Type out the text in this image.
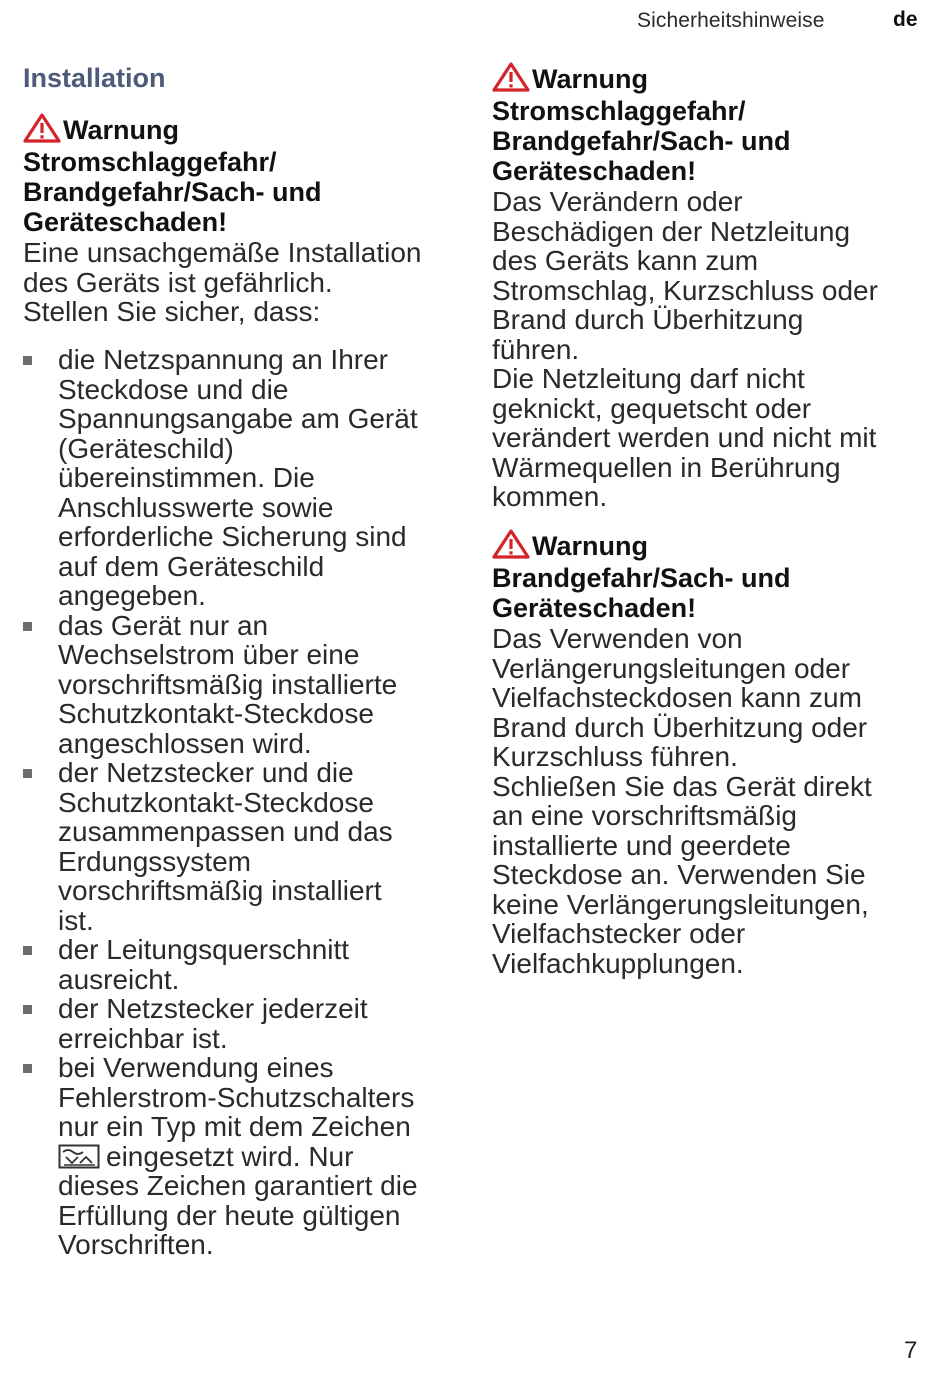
Sicherheitshinweise	de
Installation
Warnung
Stromschlaggefahr/
Brandgefahr/Sach- und
Geräteschaden!
Eine unsachgemäße Installation
des Geräts ist gefährlich.
Stellen Sie sicher, dass:
die Netzspannung an Ihrer
Steckdose und die
Spannungsangabe am Gerät
(Geräteschild)
übereinstimmen. Die
Anschlusswerte sowie
erforderliche Sicherung sind
auf dem Geräteschild
angegeben.
das Gerät nur an
Wechselstrom über eine
vorschriftsmäßig installierte
Schutzkontakt-Steckdose
angeschlossen wird.
der Netzstecker und die
Schutzkontakt-Steckdose
zusammenpassen und das
Erdungssystem
vorschriftsmäßig installiert
ist.
der Leitungsquerschnitt
ausreicht.
der Netzstecker jederzeit
erreichbar ist.
bei Verwendung eines
Fehlerstrom-Schutzschalters
nur ein Typ mit dem Zeichen
eingesetzt wird. Nur
dieses Zeichen garantiert die
Erfüllung der heute gültigen
Vorschriften.
Warnung
Stromschlaggefahr/
Brandgefahr/Sach- und
Geräteschaden!
Das Verändern oder
Beschädigen der Netzleitung
des Geräts kann zum
Stromschlag, Kurzschluss oder
Brand durch Überhitzung
führen.
Die Netzleitung darf nicht
geknickt, gequetscht oder
verändert werden und nicht mit
Wärmequellen in Berührung
kommen.
Warnung
Brandgefahr/Sach- und
Geräteschaden!
Das Verwenden von
Verlängerungsleitungen oder
Vielfachsteckdosen kann zum
Brand durch Überhitzung oder
Kurzschluss führen.
Schließen Sie das Gerät direkt
an eine vorschriftsmäßig
installierte und geerdete
Steckdose an. Verwenden Sie
keine Verlängerungsleitungen,
Vielfachstecker oder
Vielfachkupplungen.
7
